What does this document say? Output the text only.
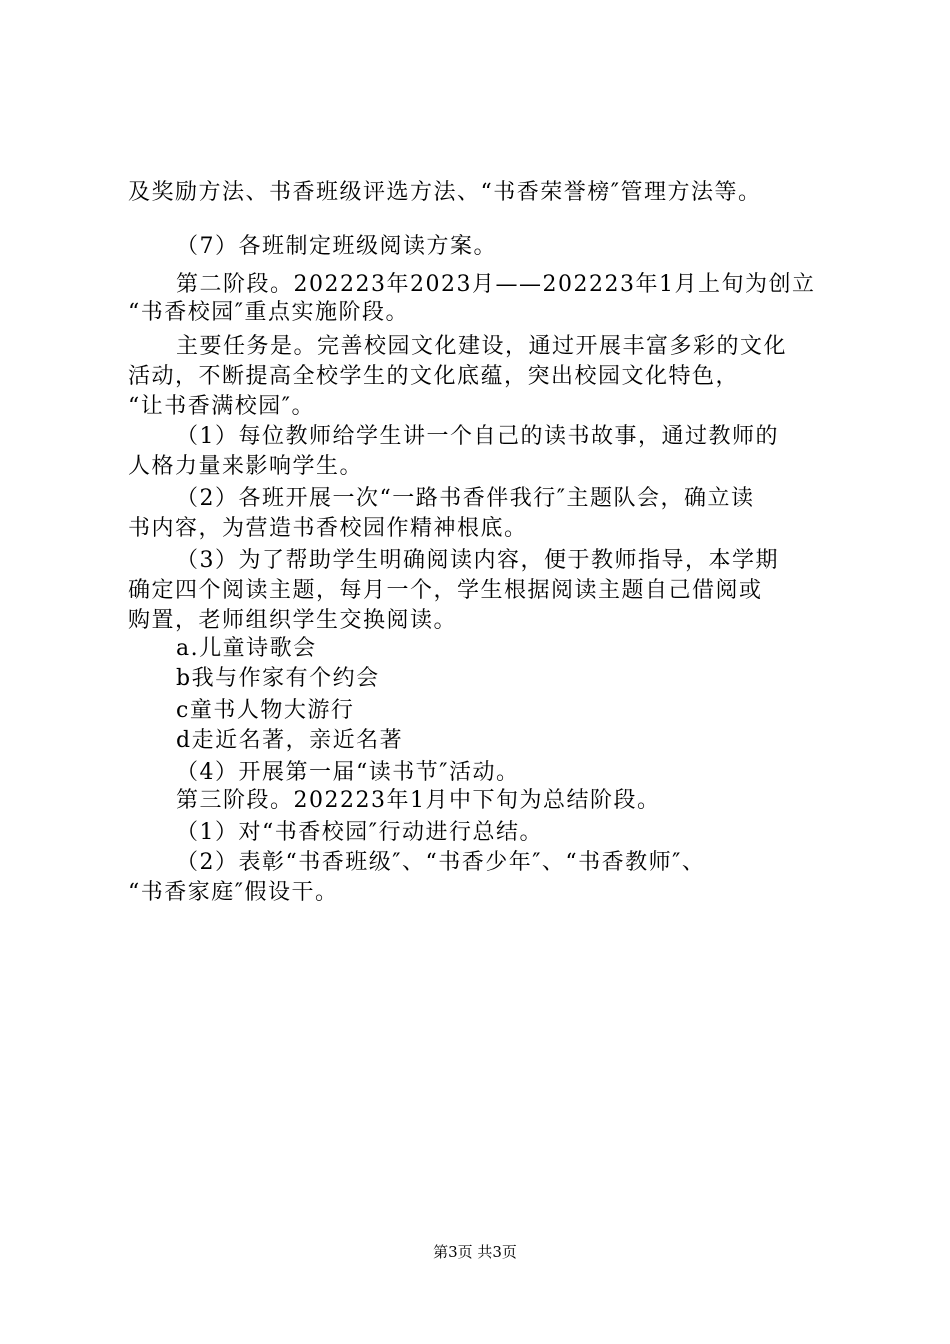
及奖励方法、书香班级评选方法、“书香荣誉榜″管理方法等。
（7）各班制定班级阅读方案。
第二阶段。202223年2023月——202223年1月上旬为创立
“书香校园″重点实施阶段。
主要任务是。完善校园文化建设，通过开展丰富多彩的文化
活动，不断提高全校学生的文化底蕴，突出校园文化特色，
“让书香满校园″。
（1）每位教师给学生讲一个自己的读书故事，通过教师的
人格力量来影响学生。
（2）各班开展一次“一路书香伴我行″主题队会，确立读
书内容，为营造书香校园作精神根底。
（3）为了帮助学生明确阅读内容，便于教师指导，本学期
确定四个阅读主题，每月一个，学生根据阅读主题自己借阅或
购置，老师组织学生交换阅读。
a.儿童诗歌会
b我与作家有个约会
c童书人物大游行
d走近名著，亲近名著
（4）开展第一届“读书节″活动。
第三阶段。202223年1月中下旬为总结阶段。
（1）对“书香校园″行动进行总结。
（2）表彰“书香班级″、“书香少年″、“书香教师″、
“书香家庭″假设干。
第3页 共3页
